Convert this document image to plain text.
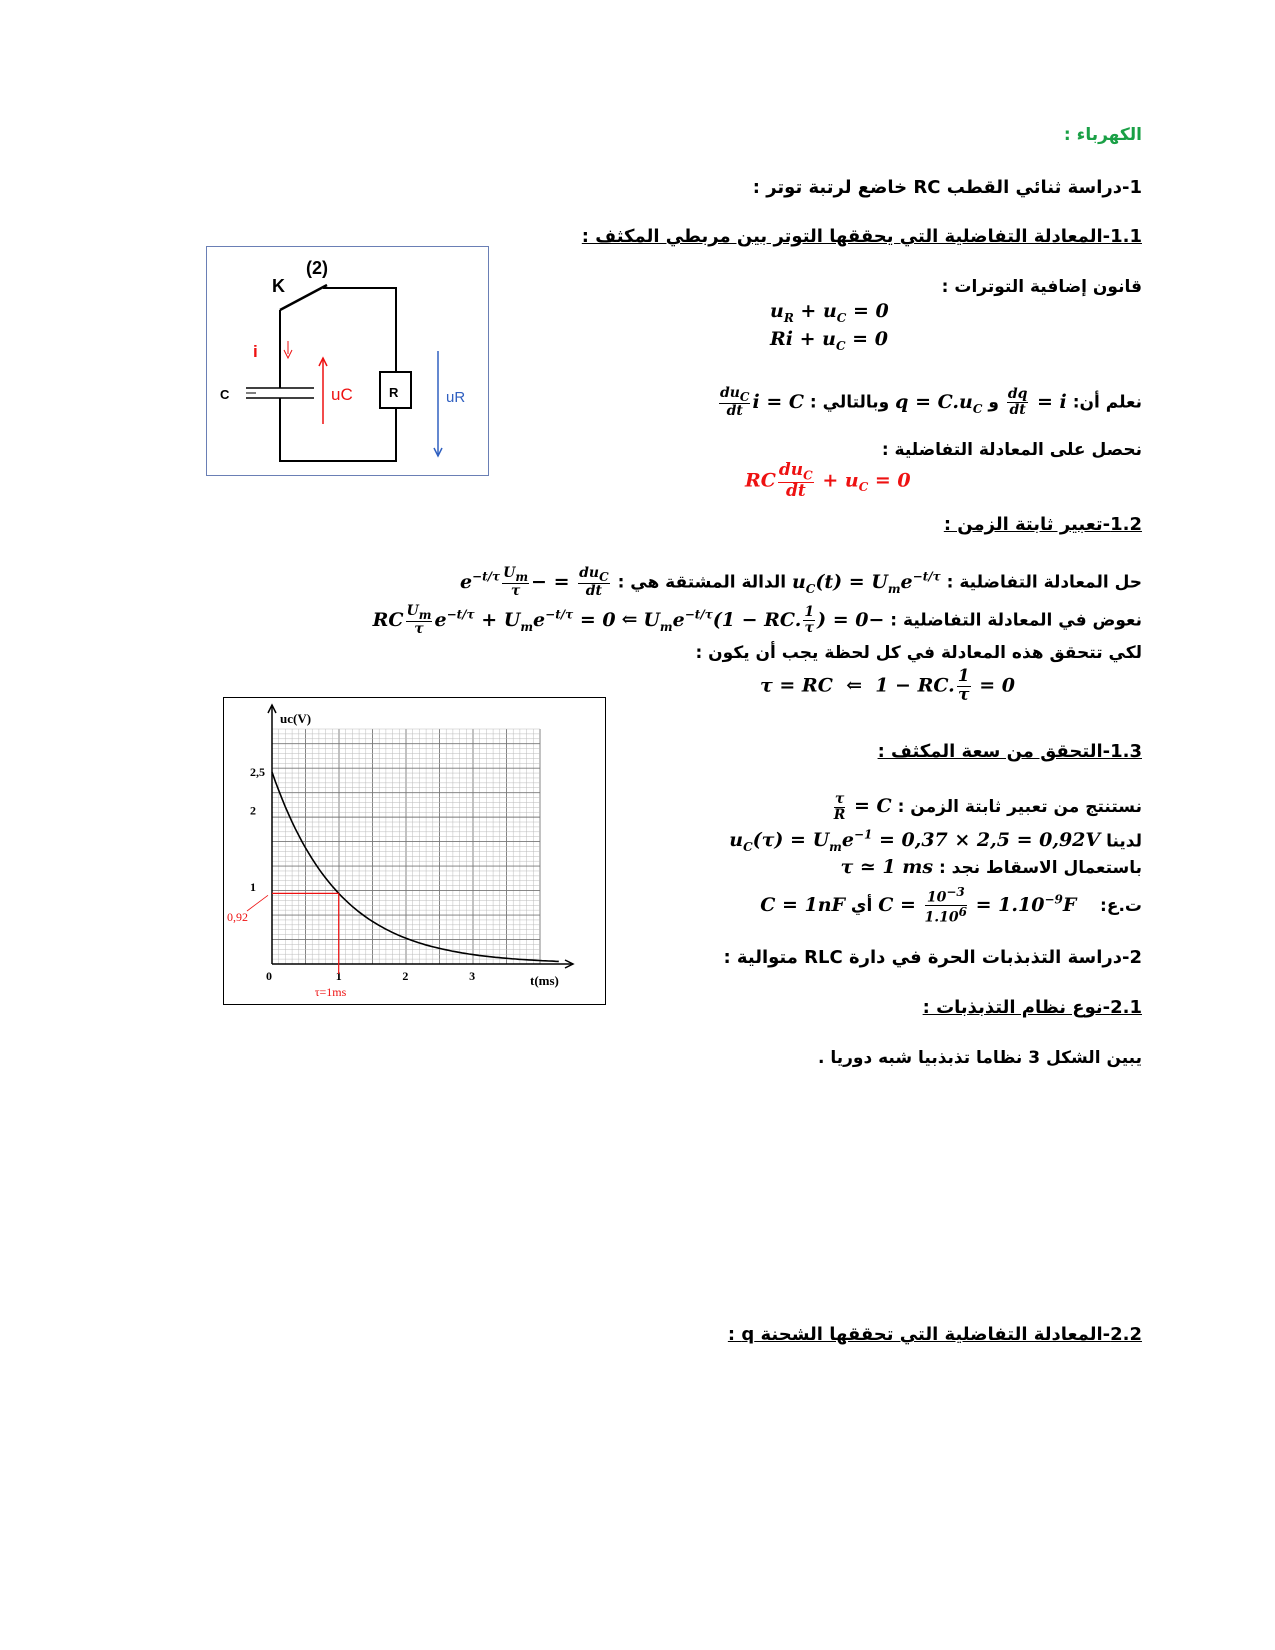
الكهرباء :
1-دراسة ثنائي القطب RC خاضع لرتبة توتر :
1.1-المعادلة التفاضلية التي يحققها التوتر بين مربطي المكثف :
قانون إضافية التوترات :
$u_R + u_C = 0$
$Ri + u_C = 0$
نعلم أن: i =
$\frac{dq}{dt}$
و $q = C.u_C$ وبالتالي : i = C
$\frac{du_C}{dt}$
نحصل على المعادلة التفاضلية :
RC $\frac{du_C}{dt} + u_C = 0$
1.2-تعبير ثابتة الزمن :
حل المعادلة التفاضلية : $u_C(t) = U_me^{-t/\tau}$ الدالة المشتقة هي :
$\frac{du_C}{dt}$
= −
$\frac{U_m}{\tau}$
$e^{-t/\tau}$
نعوض في المعادلة التفاضلية : −RC
$\frac{U_m}{\tau} e^{-t/\tau} + U_me^{-t/\tau} = 0$ ⇐ $U_me^{-t/\tau}(1$ − RC. $\frac{1}{\tau}$ ) = 0
لكي تتحقق هذه المعادلة في كل لحظة يجب أن يكون :
τ = RC  ⇐  1 − RC. $\frac{1}{\tau} = 0$
1.3-التحقق من سعة المكثف :
نستنتج من تعبير ثابتة الزمن : C =
$\frac{\tau}{R}$
لدينا $u_C(\tau) = U_me^{-1} = 0,37 \times 2,5 = 0,92V$
باستعمال الاسقاط نجد : τ ≃ 1 ms
ت.ع:    $C = \frac{10^{-3}}{1.10^6} = 1.10^{-9}F$ أي C = 1nF
2-دراسة التذبذبات الحرة في دارة RLC متوالية :
2.1-نوع نظام التذبذبات :
يبين الشكل 3 نظاما تذبذبيا شبه دوريا .
2.2-المعادلة التفاضلية التي تحققها الشحنة q :
K
(2)
i
C	uC	R	uR
uc(V)
t(ms)
0	1	2	3
1
2
2,5
0,92
τ=1ms
